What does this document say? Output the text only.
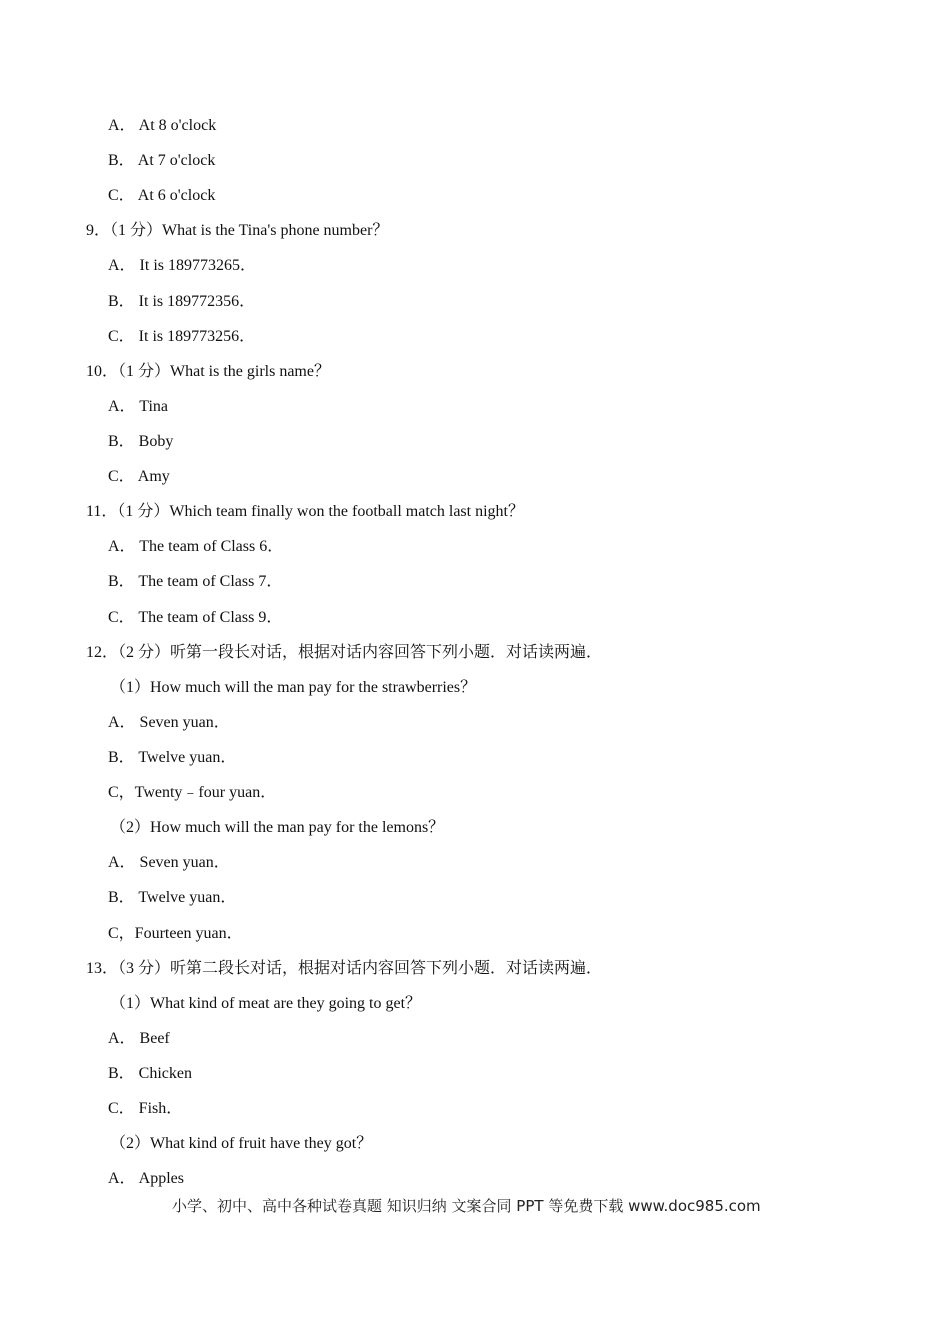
A． At 8 o'clock
B． At 7 o'clock
C． At 6 o'clock
9．（1 分）What is the Tina's phone number？
A． It is 189773265．
B． It is 189772356．
C． It is 189773256．
10．（1 分）What is the girls name？
A． Tina
B． Boby
C． Amy
11．（1 分）Which team finally won the football match last night？
A． The team of Class 6．
B． The team of Class 7．
C． The team of Class 9．
12．（2 分）听第一段长对话，根据对话内容回答下列小题．对话读两遍．
（1）How much will the man pay for the strawberries？
A． Seven yuan．
B． Twelve yuan．
C，Twenty﹣four yuan．
（2）How much will the man pay for the lemons？
A． Seven yuan．
B． Twelve yuan．
C，Fourteen yuan．
13．（3 分）听第二段长对话，根据对话内容回答下列小题．对话读两遍．
（1）What kind of meat are they going to get？
A． Beef
B． Chicken
C． Fish．
（2）What kind of fruit have they got？
A． Apples
小学、初中、高中各种试卷真题 知识归纳 文案合同 PPT 等免费下载 www.doc985.com
